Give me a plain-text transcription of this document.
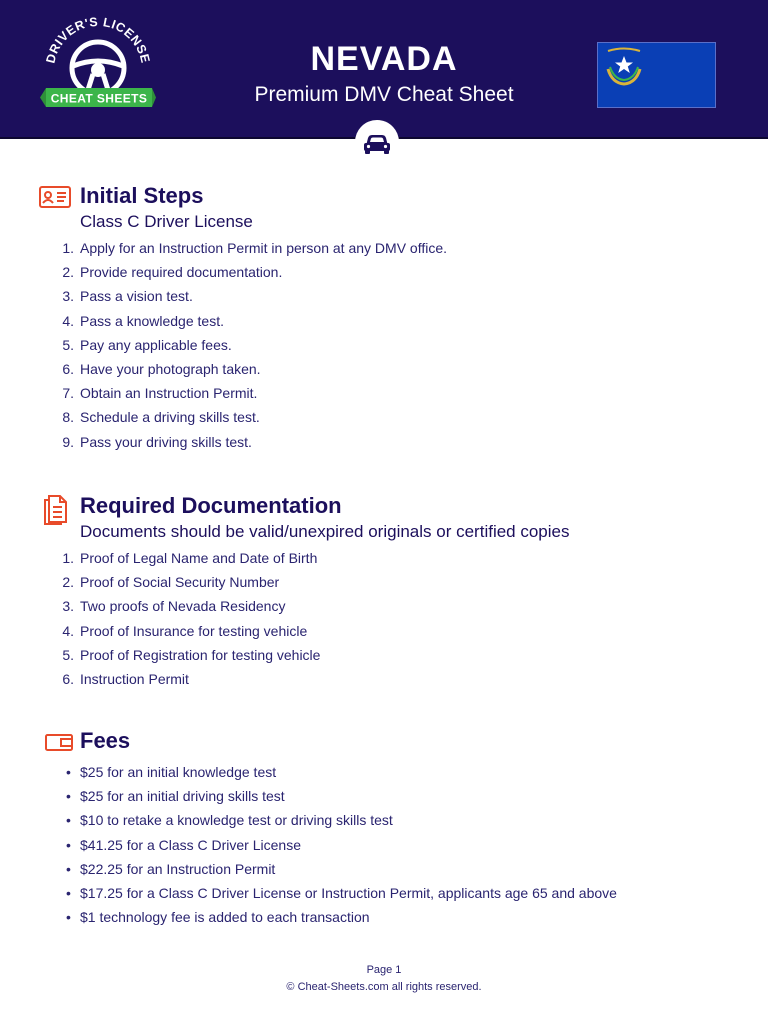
DRIVER'S LICENSE
CHEAT SHEETS
NEVADA
Premium DMV Cheat Sheet
Initial Steps
Class C Driver License
1. Apply for an Instruction Permit in person at any DMV office.
2. Provide required documentation.
3. Pass a vision test.
4. Pass a knowledge test.
5. Pay any applicable fees.
6. Have your photograph taken.
7. Obtain an Instruction Permit.
8. Schedule a driving skills test.
9. Pass your driving skills test.
Required Documentation
Documents should be valid/unexpired originals or certified copies
1. Proof of Legal Name and Date of Birth
2. Proof of Social Security Number
3. Two proofs of Nevada Residency
4. Proof of Insurance for testing vehicle
5. Proof of Registration for testing vehicle
6. Instruction Permit
Fees
• $25 for an initial knowledge test
• $25 for an initial driving skills test
• $10 to retake a knowledge test or driving skills test
• $41.25 for a Class C Driver License
• $22.25 for an Instruction Permit
• $17.25 for a Class C Driver License or Instruction Permit, applicants age 65 and above
• $1 technology fee is added to each transaction
Page 1
© Cheat-Sheets.com all rights reserved.
